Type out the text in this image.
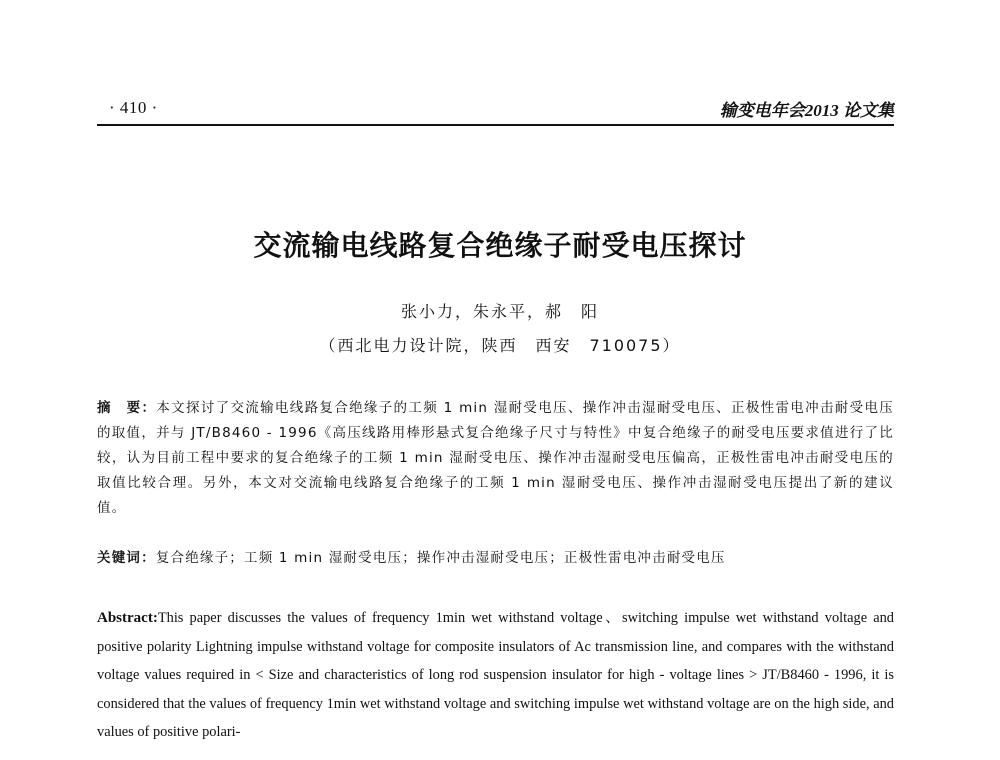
· 410 ·	输变电年会2013 论文集
交流输电线路复合绝缘子耐受电压探讨
张小力，朱永平，郝　阳
（西北电力设计院，陕西　西安　710075）
摘　要：本文探讨了交流输电线路复合绝缘子的工频 1 min 湿耐受电压、操作冲击湿耐受电压、正极性雷电冲击耐受电压的取值，并与 JT/B8460 - 1996《高压线路用棒形悬式复合绝缘子尺寸与特性》中复合绝缘子的耐受电压要求值进行了比较，认为目前工程中要求的复合绝缘子的工频 1 min 湿耐受电压、操作冲击湿耐受电压偏高，正极性雷电冲击耐受电压的取值比较合理。另外，本文对交流输电线路复合绝缘子的工频 1 min 湿耐受电压、操作冲击湿耐受电压提出了新的建议值。
关键词：复合绝缘子；工频 1 min 湿耐受电压；操作冲击湿耐受电压；正极性雷电冲击耐受电压
Abstract:This paper discusses the values of frequency 1min wet withstand voltage、switching impulse wet withstand voltage and positive polarity Lightning impulse withstand voltage for composite insulators of Ac transmission line, and compares with the withstand voltage values required in < Size and characteristics of long rod suspension insulator for high - voltage lines > JT/B8460 - 1996, it is considered that the values of frequency 1min wet withstand voltage and switching impulse wet withstand voltage are on the high side, and values of positive polari-
